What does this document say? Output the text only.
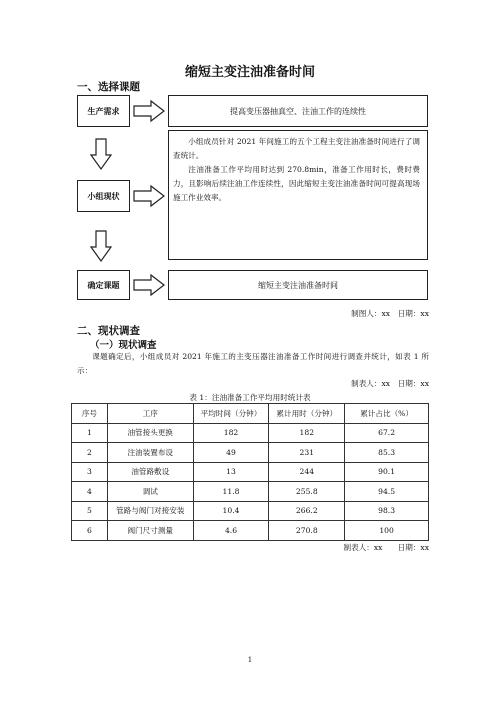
缩短主变注油准备时间
一、选择课题
生产需求	提高变压器抽真空、注油工作的连续性
小组现状
小组成员针对 2021 年间施工的五个工程主变注油准备时间进行了调查统计。
注油准备工作平均用时达到 270.8min，准备工作用时长，费时费力，且影响后续注油工作连续性，因此缩短主变注油准备时间可提高现场施工作业效率。
确定课题	缩短主变注油准备时间
制图人：xx　日期：xx
二、现状调查
（一）现状调查
课题确定后，小组成员对 2021 年施工的主变压器注油准备工作时间进行调查并统计，如表 1 所示：
制表人：xx　日期：xx
表 1：注油准备工作平均用时统计表
序号	工序	平均时间（分钟）	累计用时（分钟）	累计占比（%）
1	油管接头更换	182	182	67.2
2	注油装置布设	49	231	85.3
3	油管路敷设	13	244	90.1
4	调试	11.8	255.8	94.5
5	管路与阀门对接安装	10.4	266.2	98.3
6	阀门尺寸测量	4.6	270.8	100
制表人：xx　　日期：xx
1
